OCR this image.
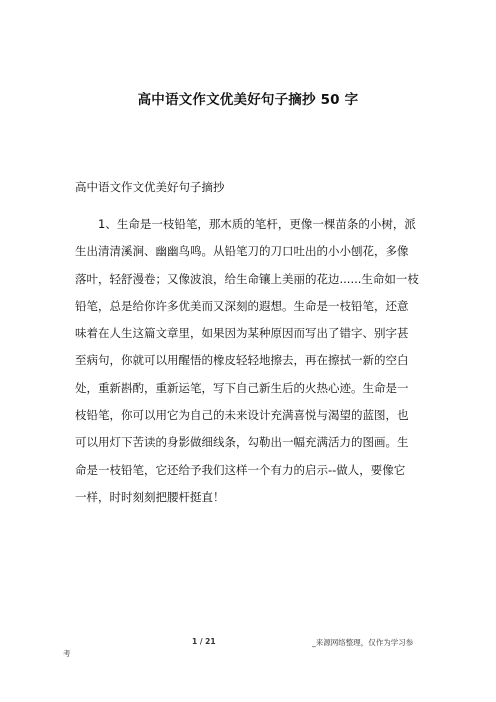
高中语文作文优美好句子摘抄 50 字
高中语文作文优美好句子摘抄

1、生命是一枝铅笔，那木质的笔杆，更像一棵苗条的小树，派
生出清清溪涧、幽幽鸟鸣。从铅笔刀的刀口吐出的小小刨花，多像
落叶，轻舒漫卷；又像波浪，给生命镶上美丽的花边......生命如一枝
铅笔，总是给你许多优美而又深刻的遐想。生命是一枝铅笔，还意
味着在人生这篇文章里，如果因为某种原因而写出了错字、别字甚
至病句，你就可以用醒悟的橡皮轻轻地擦去，再在擦拭一新的空白
处，重新斟酌，重新运笔，写下自己新生后的火热心迹。生命是一
枝铅笔，你可以用它为自己的未来设计充满喜悦与渴望的蓝图，也
可以用灯下苦读的身影做细线条，勾勒出一幅充满活力的图画。生
命是一枝铅笔，它还给予我们这样一个有力的启示--做人，要像它
一样，时时刻刻把腰杆挺直！

1 / 21	_来源网络整理，仅作为学习参
考
